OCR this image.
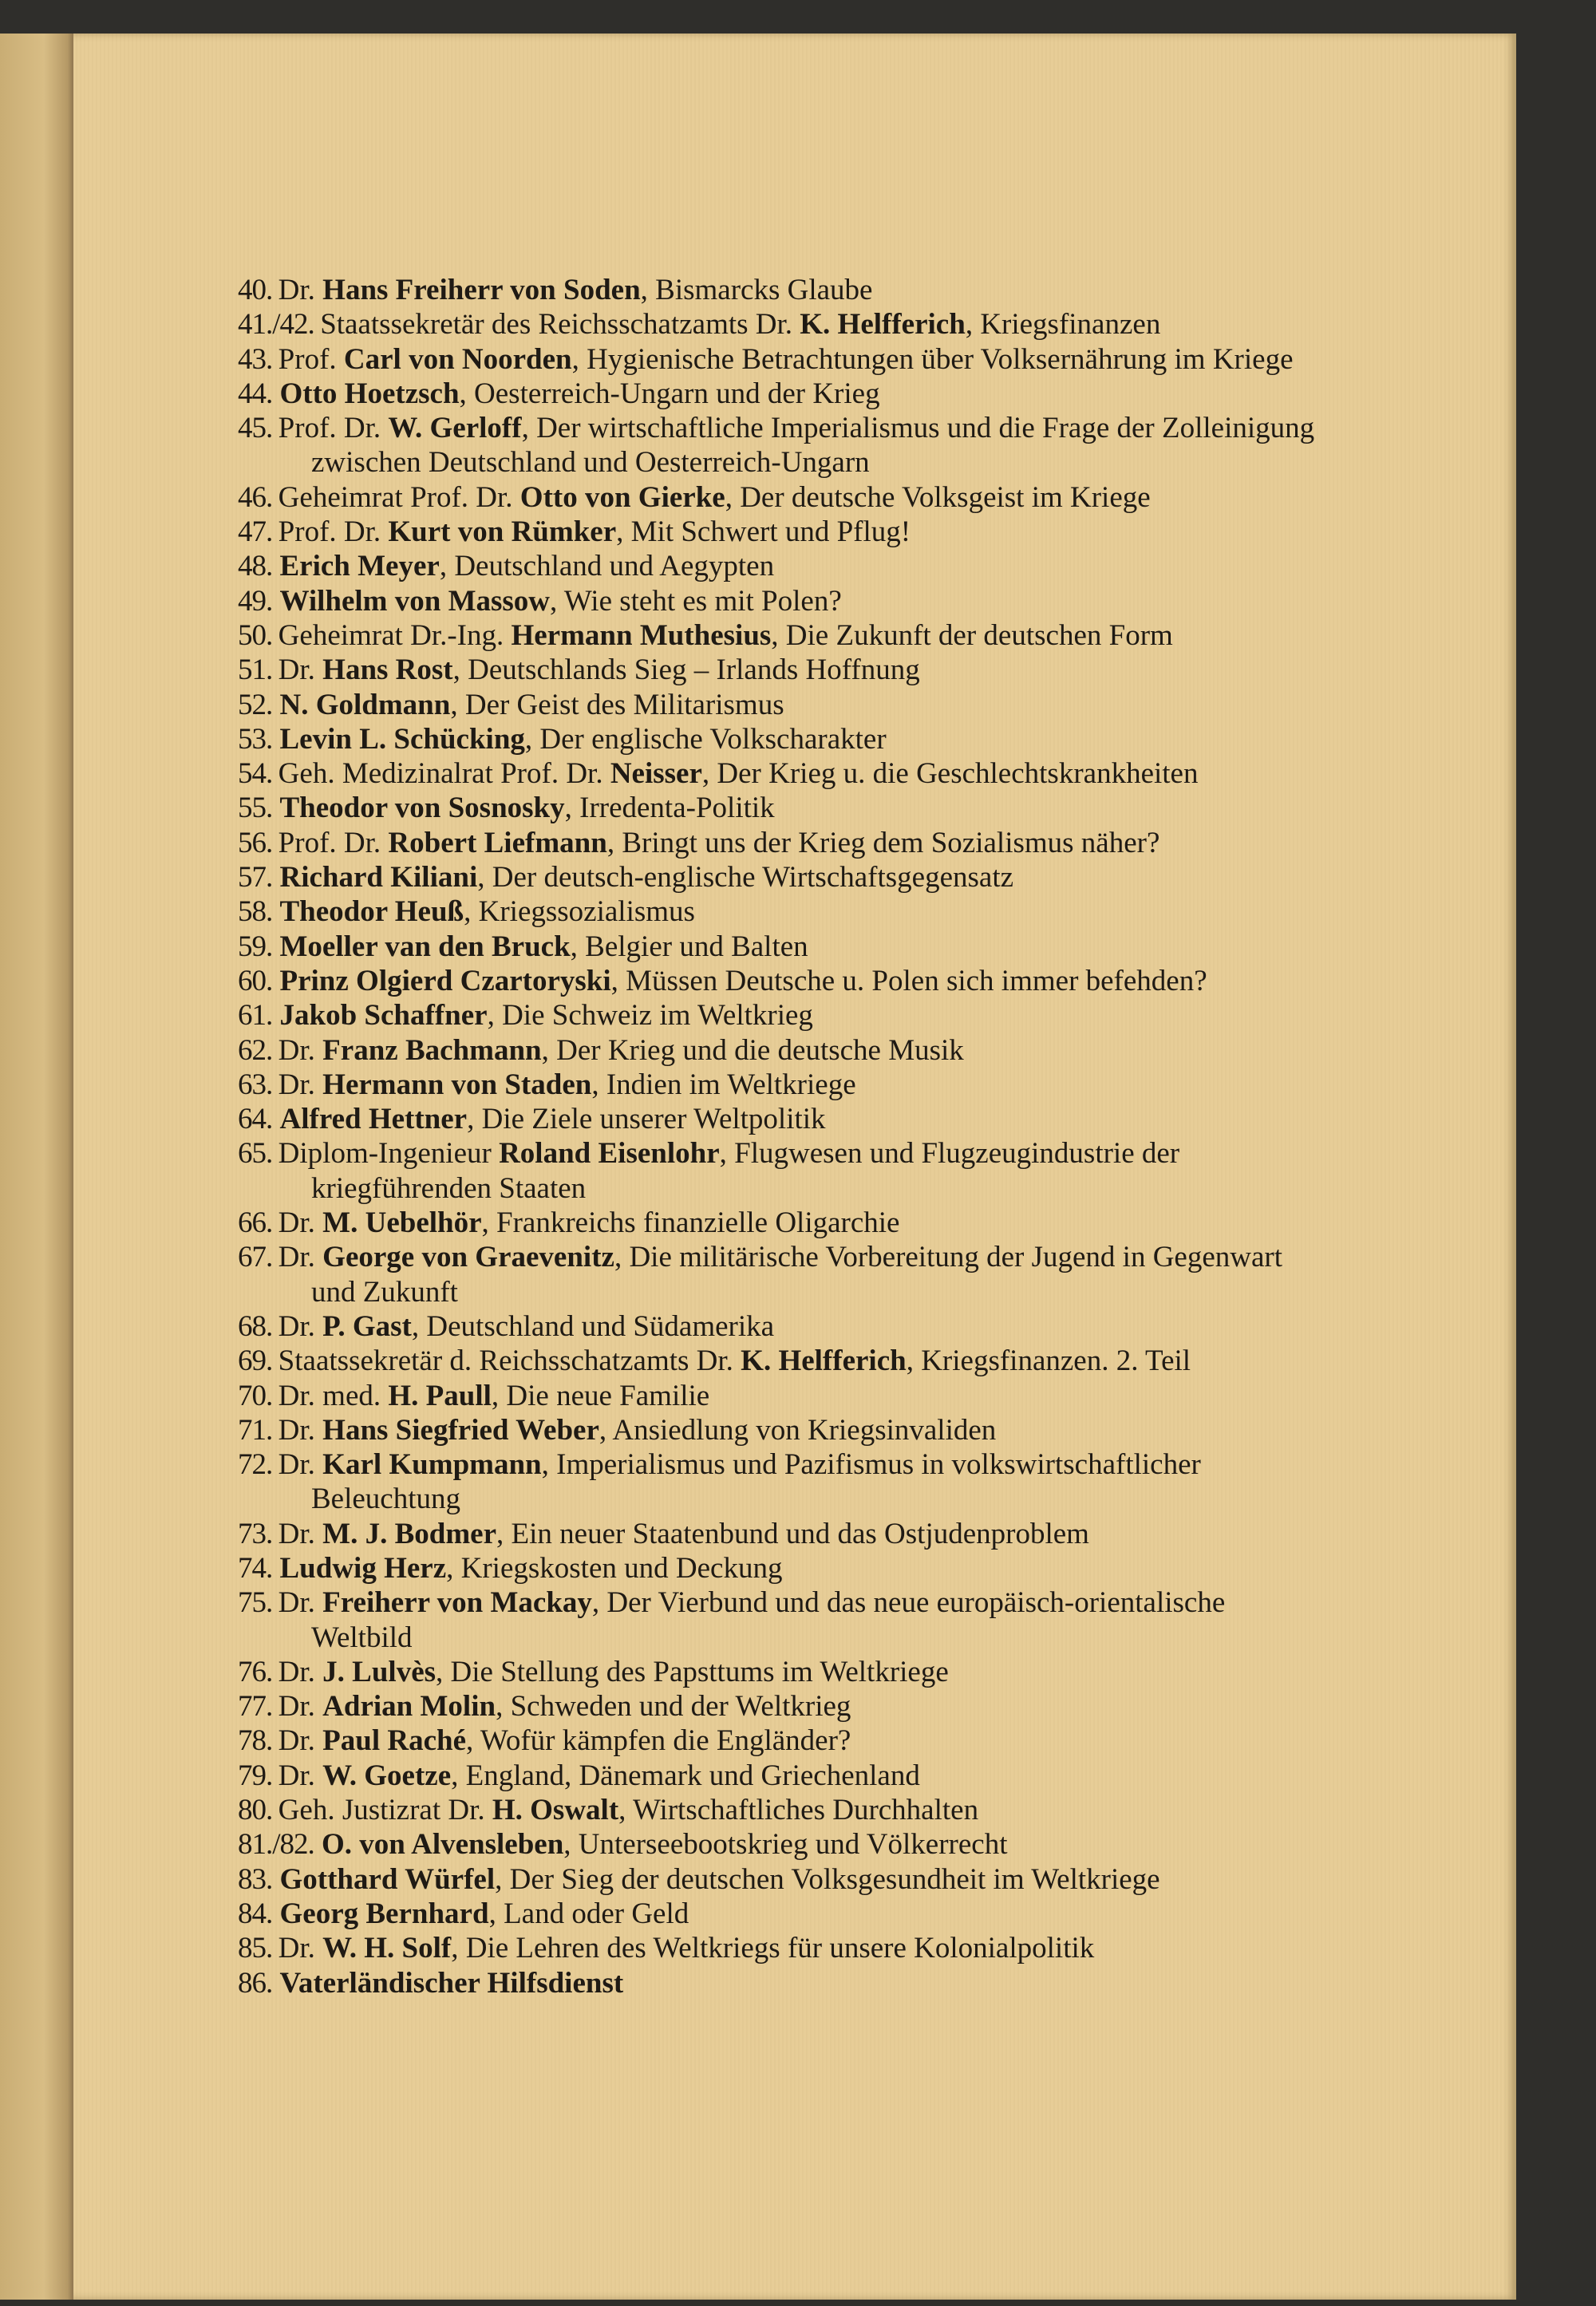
40.  Dr. Hans Freiherr von Soden, Bismarcks Glaube
41./42.  Staatssekretär des Reichsschatzamts Dr. K. Helfferich, Kriegsfinanzen
43.  Prof. Carl von Noorden, Hygienische Betrachtungen über Volksernährung im Kriege
44. Otto Hoetzsch, Oesterreich-Ungarn und der Krieg
45.  Prof. Dr. W. Gerloff, Der wirtschaftliche Imperialismus und die Frage der Zolleinigung zwischen Deutschland und Oesterreich-Ungarn
46.  Geheimrat Prof. Dr. Otto von Gierke, Der deutsche Volksgeist im Kriege
47.  Prof. Dr. Kurt von Rümker, Mit Schwert und Pflug!
48. Erich Meyer, Deutschland und Aegypten
49. Wilhelm von Massow, Wie steht es mit Polen?
50.  Geheimrat Dr.-Ing. Hermann Muthesius, Die Zukunft der deutschen Form
51.  Dr. Hans Rost, Deutschlands Sieg – Irlands Hoffnung
52. N. Goldmann, Der Geist des Militarismus
53. Levin L. Schücking, Der englische Volkscharakter
54.  Geh. Medizinalrat Prof. Dr. Neisser, Der Krieg u. die Geschlechtskrankheiten
55. Theodor von Sosnosky, Irredenta-Politik
56.  Prof. Dr. Robert Liefmann, Bringt uns der Krieg dem Sozialismus näher?
57. Richard Kiliani, Der deutsch-englische Wirtschaftsgegensatz
58. Theodor Heuß, Kriegssozialismus
59. Moeller van den Bruck, Belgier und Balten
60. Prinz Olgierd Czartoryski, Müssen Deutsche u. Polen sich immer befehden?
61. Jakob Schaffner, Die Schweiz im Weltkrieg
62.  Dr. Franz Bachmann, Der Krieg und die deutsche Musik
63.  Dr. Hermann von Staden, Indien im Weltkriege
64. Alfred Hettner, Die Ziele unserer Weltpolitik
65.  Diplom-Ingenieur Roland Eisenlohr, Flugwesen und Flugzeugindustrie der kriegführenden Staaten
66.  Dr. M. Uebelhör, Frankreichs finanzielle Oligarchie
67.  Dr. George von Graevenitz, Die militärische Vorbereitung der Jugend in Gegenwart und Zukunft
68.  Dr. P. Gast, Deutschland und Südamerika
69.  Staatssekretär d. Reichsschatzamts Dr. K. Helfferich, Kriegsfinanzen. 2. Teil
70.  Dr. med. H. Paull, Die neue Familie
71.  Dr. Hans Siegfried Weber, Ansiedlung von Kriegsinvaliden
72.  Dr. Karl Kumpmann, Imperialismus und Pazifismus in volkswirtschaftlicher Beleuchtung
73.  Dr. M. J. Bodmer, Ein neuer Staatenbund und das Ostjudenproblem
74. Ludwig Herz, Kriegskosten und Deckung
75.  Dr. Freiherr von Mackay, Der Vierbund und das neue europäisch-orientalische Weltbild
76.  Dr. J. Lulvès, Die Stellung des Papsttums im Weltkriege
77.  Dr. Adrian Molin, Schweden und der Weltkrieg
78.  Dr. Paul Raché, Wofür kämpfen die Engländer?
79.  Dr. W. Goetze, England, Dänemark und Griechenland
80.  Geh. Justizrat Dr. H. Oswalt, Wirtschaftliches Durchhalten
81./82. O. von Alvensleben, Unterseebootskrieg und Völkerrecht
83. Gotthard Würfel, Der Sieg der deutschen Volksgesundheit im Weltkriege
84. Georg Bernhard, Land oder Geld
85.  Dr. W. H. Solf, Die Lehren des Weltkriegs für unsere Kolonialpolitik
86. Vaterländischer Hilfsdienst
